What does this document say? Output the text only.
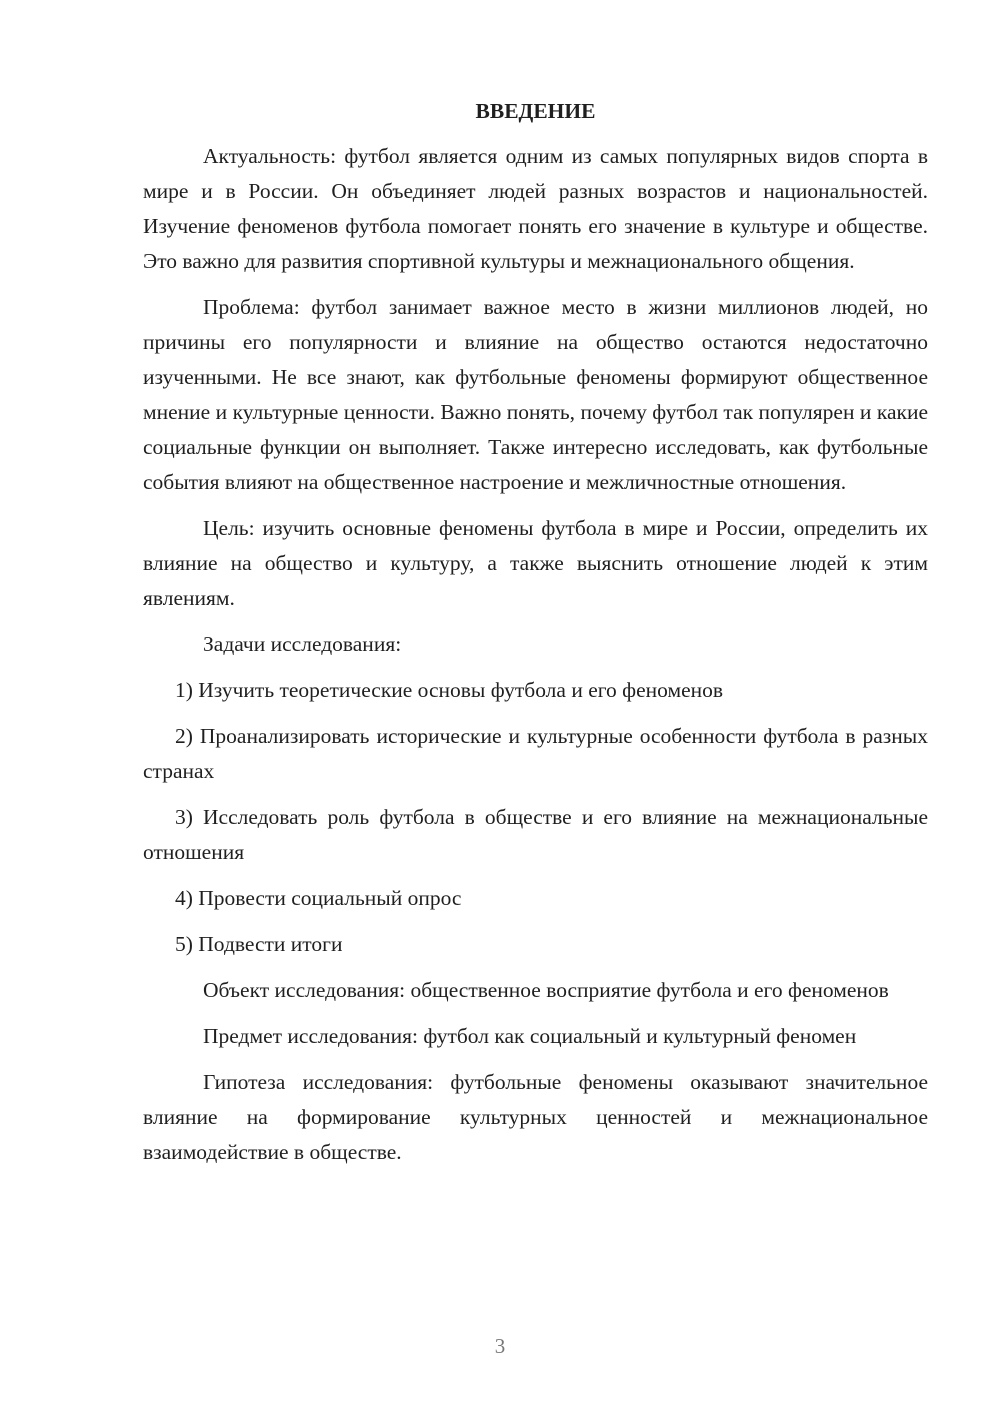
ВВЕДЕНИЕ

Актуальность: футбол является одним из самых популярных видов спорта в мире и в России. Он объединяет людей разных возрастов и национальностей. Изучение феноменов футбола помогает понять его значение в культуре и обществе. Это важно для развития спортивной культуры и межнационального общения.

Проблема: футбол занимает важное место в жизни миллионов людей, но причины его популярности и влияние на общество остаются недостаточно изученными. Не все знают, как футбольные феномены формируют общественное мнение и культурные ценности. Важно понять, почему футбол так популярен и какие социальные функции он выполняет. Также интересно исследовать, как футбольные события влияют на общественное настроение и межличностные отношения.

Цель: изучить основные феномены футбола в мире и России, определить их влияние на общество и культуру, а также выяснить отношение людей к этим явлениям.

Задачи исследования:

1) Изучить теоретические основы футбола и его феноменов

2) Проанализировать исторические и культурные особенности футбола в разных странах

3) Исследовать роль футбола в обществе и его влияние на межнациональные отношения

4) Провести социальный опрос

5) Подвести итоги

Объект исследования: общественное восприятие футбола и его феноменов

Предмет исследования: футбол как социальный и культурный феномен

Гипотеза исследования: футбольные феномены оказывают значительное влияние на формирование культурных ценностей и межнациональное взаимодействие в обществе.

3
